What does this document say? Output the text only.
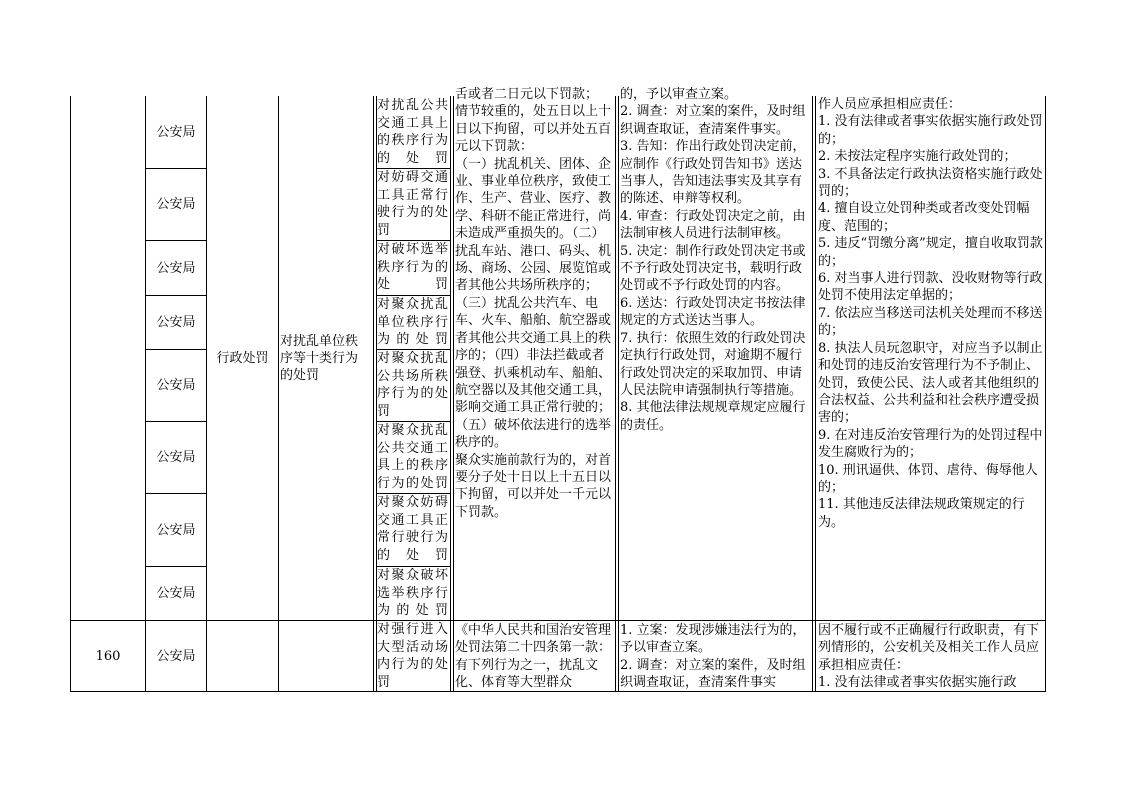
160
公安局
公安局
公安局
公安局
公安局
公安局
公安局
公安局
公安局
行政处罚
对扰乱单位秩序等十类行为的处罚
对扰乱公共交通工具上的秩序行为的处罚
对妨碍交通工具正常行驶行为的处罚
对破坏选举秩序行为的处罚
对聚众扰乱单位秩序行为的处罚
对聚众扰乱公共场所秩序行为的处罚
对聚众扰乱公共交通工具上的秩序行为的处罚
对聚众妨碍交通工具正常行驶行为的处罚
对聚众破坏选举秩序行为的处罚
对强行进入大型活动场内行为的处罚

舌或者二日元以下罚款；

情节较重的，处五日以上十日以下拘留，可以并处五百元以下罚款：

（一）扰乱机关、团体、企业、事业单位秩序，致使工作、生产、营业、医疗、教学、科研不能正常进行，尚未造成严重损失的。（二）扰乱车站、港口、码头、机场、商场、公园、展览馆或者其他公共场所秩序的；（三）扰乱公共汽车、电车、火车、船舶、航空器或者其他公共交通工具上的秩序的；（四）非法拦截或者强登、扒乘机动车、船舶、航空器以及其他交通工具，影响交通工具正常行驶的；（五）破坏依法进行的选举秩序的。

聚众实施前款行为的，对首要分子处十日以上十五日以下拘留，可以并处一千元以下罚款。

《中华人民共和国治安管理处罚法第二十四条第一款：有下列行为之一，扰乱文化、体育等大型群众

的，予以审查立案。

2. 调查：对立案的案件，及时组织调查取证，查清案件事实。

3. 告知：作出行政处罚决定前，应制作《行政处罚告知书》送达当事人，告知违法事实及其享有的陈述、申辩等权利。

4. 审查：行政处罚决定之前，由法制审核人员进行法制审核。

5. 决定：制作行政处罚决定书或不予行政处罚决定书，载明行政处罚或不予行政处罚的内容。

6. 送达：行政处罚决定书按法律规定的方式送达当事人。

7. 执行：依照生效的行政处罚决定执行行政处罚，对逾期不履行行政处罚决定的采取加罚、申请人民法院申请强制执行等措施。

8. 其他法律法规规章规定应履行的责任。

1. 立案：发现涉嫌违法行为的，予以审查立案。

2. 调查：对立案的案件，及时组织调查取证，查清案件事实

作人员应承担相应责任：

1. 没有法律或者事实依据实施行政处罚的；

2. 未按法定程序实施行政处罚的；

3. 不具备法定行政执法资格实施行政处罚的；

4. 擅自设立处罚种类或者改变处罚幅度、范围的；

5. 违反“罚缴分离”规定，擅自收取罚款的；

6. 对当事人进行罚款、没收财物等行政处罚不使用法定单据的；

7. 依法应当移送司法机关处理而不移送的；

8. 执法人员玩忽职守，对应当予以制止和处罚的违反治安管理行为不予制止、处罚，致使公民、法人或者其他组织的合法权益、公共利益和社会秩序遭受损害的；

9. 在对违反治安管理行为的处罚过程中发生腐败行为的；

10. 刑讯逼供、体罚、虐待、侮辱他人的；

11. 其他违反法律法规政策规定的行为。

因不履行或不正确履行行政职责，有下列情形的，公安机关及相关工作人员应承担相应责任：

1. 没有法律或者事实依据实施行政
